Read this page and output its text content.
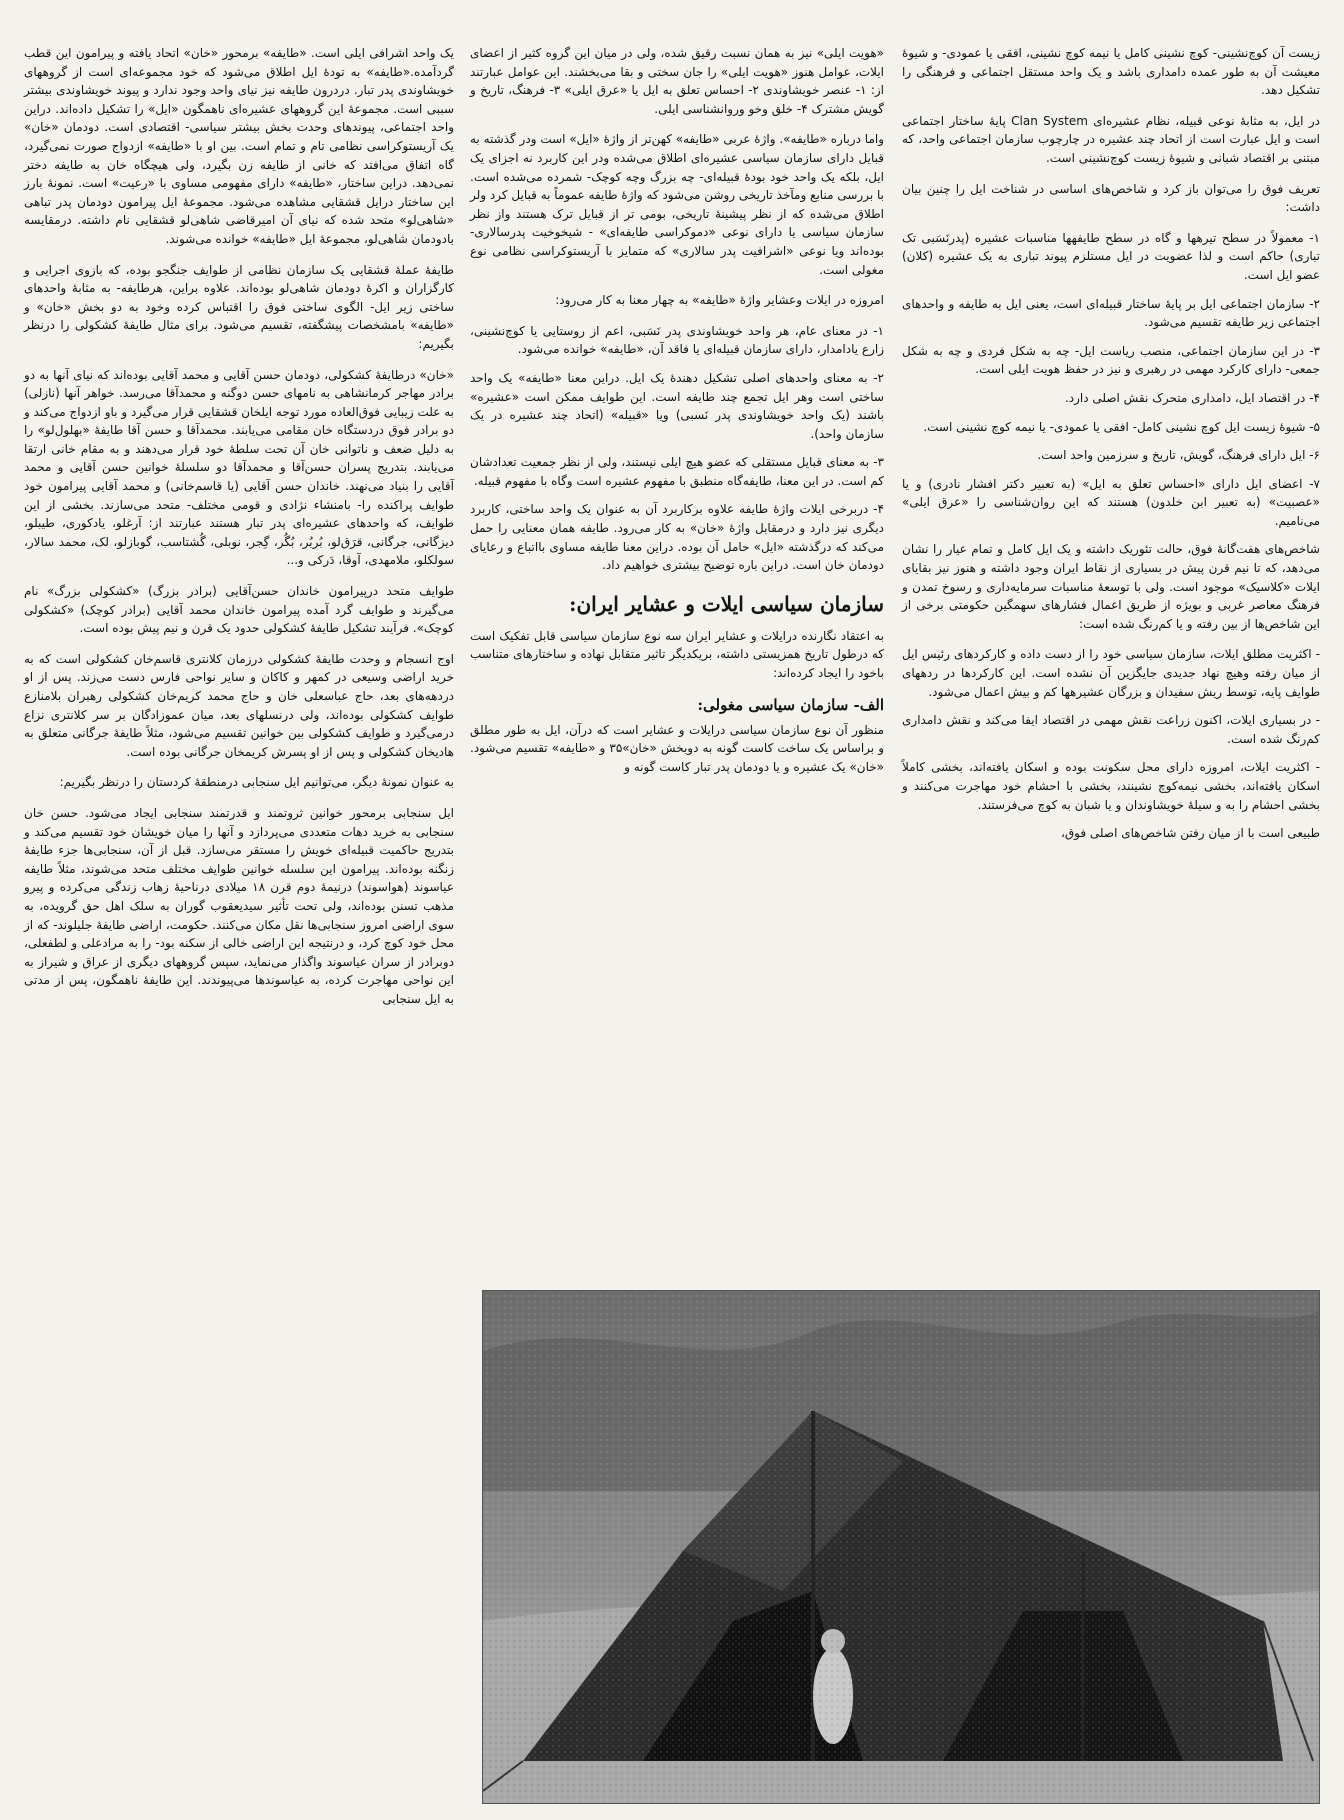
زیست آن کوچ‌نشینی- کوچ نشینی کامل یا نیمه کوچ نشینی، افقی یا عمودی- و شیوهٔ معیشت آن به طور عمده دامداری باشد و یک واحد مستقل اجتماعی و فرهنگی را تشکیل دهد.

در ایل، به مثابهٔ نوعی قبیله، نظام عشیره‌ای Clan System پایهٔ ساختار اجتماعی است و ایل عبارت است از اتحاد چند عشیره در چارچوب سازمان اجتماعی واحد، که مبتنی بر اقتصاد شبانی و شیوهٔ زیست کوچ‌نشینی است.

تعریف فوق را می‌توان باز کرد و شاخص‌های اساسی در شناخت ایل را چنین بیان داشت:

۱- معمولاً در سطح تیرهها و گاه در سطح طایفهها مناسبات عشیره (پدرنَسَبی تک تباری) حاکم است و لذا عضویت در ایل مستلزم پیوند تباری به یک عشیره (کلان) عضو ایل است.

۲- سازمان اجتماعی ایل بر پایهٔ ساختار قبیله‌ای است، یعنی ایل به طایفه و واحدهای اجتماعی زیر طایفه تقسیم می‌شود.

۳- در این سازمان اجتماعی، منصب ریاست ایل- چه به شکل فردی و چه به شکل جمعی- دارای کارکرد مهمی در رهبری و نیز در حفظ هویت ایلی است.

۴- در اقتصاد ایل، دامداری متحرک نقش اصلی دارد.

۵- شیوهٔ زیست ایل کوچ نشینی کامل- افقی یا عمودی- یا نیمه کوچ نشینی است.

۶- ایل دارای فرهنگ، گویش، تاریخ و سرزمین واحد است.

۷- اعضای ایل دارای «احساس تعلق به ایل» (به تعبیر دکتر افشار نادری) و یا «عصبیت» (به تعبیر ابن خلدون) هستند که این روان‌شناسی را «عرق ایلی» می‌نامیم.

شاخص‌های هفت‌گانهٔ فوق، حالت تئوریک داشته و یک ایل کامل و تمام عیار را نشان می‌دهد، که تا نیم قرن پیش در بسیاری از نقاط ایران وجود داشته و هنوز نیز بقایای ایلات «کلاسیک» موجود است. ولی با توسعهٔ مناسبات سرمایه‌داری و رسوخ تمدن و فرهنگ معاصر غربی و بویژه از طریق اعمال فشارهای سهمگین حکومتی برخی از این شاخص‌ها از بین رفته و یا کم‌رنگ شده است:

- اکثریت مطلق ایلات، سازمان سیاسی خود را از دست داده و کارکردهای رئیس ایل از میان رفته وهیچ نهاد جدیدی جایگزین آن نشده است. این کارکردها در ردههای طوایف پایه، توسط ریش سفیدان و بزرگان عشیرهها کم و بیش اعمال می‌شود.

- در بسیاری ایلات، اکنون زراعت نقش مهمی در اقتصاد ایفا می‌کند و نقش دامداری کم‌رنگ شده است.

- اکثریت ایلات، امروزه دارای محل سکونت بوده و اسکان یافته‌اند، بخشی کاملاً اسکان یافته‌اند، بخشی نیمه‌کوچ نشینند، بخشی با احشام خود مهاجرت می‌کنند و بخشی احشام را به و سیلهٔ خویشاوندان و یا شبان به کوچ می‌فرستند.

طبیعی است با از میان رفتن شاخص‌های اصلی فوق،

«هویت ایلی» نیز به همان نسبت رقیق شده، ولی در میان این گروه کثیر از اعضای ایلات، عوامل هنوز «هویت ایلی» را جان سختی و بقا می‌بخشند. این عوامل عبارتند از: ۱- عنصر خویشاوندی ۲- احساس تعلق به ایل یا «عرق ایلی» ۳- فرهنگ، تاریخ و گویش مشترک ۴- خلق وخو وروانشناسی ایلی.

واما درباره «طایفه». واژهٔ عربی «طایفه» کهن‌تر از واژهٔ «ایل» است ودر گذشته به قبایل دارای سازمان سیاسی عشیره‌ای اطلاق می‌شده ودر این کاربرد نه اجزای یک ایل، بلکه یک واحد خود بودهٔ قبیله‌ای- چه بزرگ وچه کوچک- شمرده می‌شده است. با بررسی منابع ومآخذ تاریخی روشن می‌شود که واژهٔ طایفه عموماً به قبایل کرد ولر اطلاق می‌شده که از نظر پیشینهٔ تاریخی، بومی تر از قبایل ترک هستند واز نظر سازمان سیاسی یا دارای نوعی «دموکراسی طایفه‌ای» - شیخوخیت پدرسالاری- بوده‌اند ویا نوعی «اشرافیت پدر سالاری» که متمایز با آریستوکراسی نظامی نوع مغولی است.

امروزه در ایلات وعشایر واژهٔ «طایفه» به چهار معنا به کار می‌رود:

۱- در معنای عام، هر واحد خویشاوندی پدر نَسَبی، اعم از روستایی یا کوچ‌نشینی، زارع یادامدار، دارای سازمان قبیله‌ای یا فاقد آن، «طایفه» خوانده می‌شود.

۲- به معنای واحدهای اصلی تشکیل دهندهٔ یک ایل. دراین معنا «طایفه» یک واحد ساختی است وهر ایل تجمع چند طایفه است. این طوایف ممکن است «عشیره» باشند (یک واحد خویشاوندی پدر نَسبی) ویا «قبیله» (اتحاد چند عشیره در یک سازمان واحد).

۳- به معنای قبایل مستقلی که عضو هیچ ایلی نیستند، ولی از نظر جمعیت تعدادشان کم است. در این معنا، طایفه‌گاه منطبق با مفهوم عشیره است وگاه با مفهوم قبیله.

۴- دربرخی ایلات واژهٔ طایفه علاوه برکاربرد آن به عنوان یک واحد ساختی، کاربرد دیگری نیز دارد و درمقابل واژهٔ «خان» به کار می‌رود. طایفه همان معنایی را حمل می‌کند که درگذشته «ایل» حامل آن بوده. دراین معنا طایفه مساوی بااتباع و رعایای دودمان خان است. دراین باره توضیح بیشتری خواهیم داد.

سازمان سیاسی ایلات و عشایر ایران:

به اعتقاد نگارنده درایلات و عشایر ایران سه نوع سازمان سیاسی قابل تفکیک است که درطول تاریخ همزیستی داشته، بریکدیگر تاثیر متقابل نهاده و ساختارهای متناسب باخود را ایجاد کرده‌اند:

الف- سازمان سیاسی مغولی:

منظور آن نوع سازمان سیاسی درایلات و عشایر است که درآن، ایل به طور مطلق و براساس یک ساخت کاست گونه به دوبخش «خان»۳۵ و «طایفه» تقسیم می‌شود. «خان» یک عشیره و یا دودمان پدر تبار کاست گونه و

یک واحد اشرافی ایلی است. «طایفه» برمحور «خان» اتحاد یافته و پیرامون این قطب گردآمده.«طایفه» به تودهٔ ایل اطلاق می‌شود که خود مجموعه‌ای است از گروههای خویشاوندی پدر تبار. دردرون طایفه نیز نیای واحد وجود ندارد و پیوند خویشاوندی بیشتر سببی است. مجموعهٔ این گروههای عشیره‌ای ناهمگون «ایل» را تشکیل داده‌اند. دراین واحد اجتماعی، پیوندهای وحدت بخش بیشتر سیاسی- اقتصادی است. دودمان «خان» یک آریستوکراسی نظامی تام و تمام است. بین او با «طایفه» ازدواج صورت نمی‌گیرد، گاه اتفاق می‌افتد که خانی از طایفه زن بگیرد، ولی هیچگاه خان به طایفه دختر نمی‌دهد. دراین ساختار، «طایفه» دارای مفهومی مساوی با «رعیت» است. نمونهٔ بارز این ساختار درایل قشقایی مشاهده می‌شود. مجموعهٔ ایل پیرامون دودمان پدر تباهی «شاهی‌لو» متحد شده که نیای آن امیرقاضی شاهی‌لو قشقایی نام داشته. درمقایسه بادودمان شاهی‌لو، مجموعهٔ ایل «طایفه» خوانده می‌شوند.

طایفهٔ عملهٔ قشقایی یک سازمان نظامی از طوایف جنگجو بوده، که بازوی اجرایی و کارگزاران و اکرهٔ دودمان شاهی‌لو بوده‌اند. علاوه براین، هرطایفه- به مثابهٔ واحدهای ساختی زیر ایل- الگوی ساختی فوق را اقتباس کرده وخود به دو بخش «خان» و «طایفه» بامشخصات پیشگفته، تقسیم می‌شود. برای مثال طایفهٔ کشکولی را درنظر بگیریم:

«خان» درطایفهٔ کشکولی، دودمان حسن آقایی و محمد آقایی بوده‌اند که نیای آنها به دو برادر مهاجر کرمانشاهی به نامهای حسن دوگنه و محمدآقا می‌رسد. خواهر آنها (نازلی) به علت زیبایی فوق‌العاده مورد توجه ایلخان قشقایی قرار می‌گیرد و باو ازدواج می‌کند و دو برادر فوق دردستگاه خان مقامی می‌یابند. محمدآقا و حسن آقا طایفهٔ «بهلول‌لو» را به دلیل ضعف و ناتوانی خان آن تحت سلطهٔ خود قرار می‌دهند و به مقام خانی ارتقا می‌یابند. بتدریج پسران حسن‌آقا و محمدآقا دو سلسلهٔ خوانین حسن آقایی و محمد آقایی را بنیاد می‌نهند. خاندان حسن آقایی (یا قاسم‌خانی) و محمد آقایی پیرامون خود طوایف پراکنده را- بامنشاء نژادی و قومی مختلف- متحد می‌سازند. بخشی از این طوایف، که واحدهای عشیره‌ای پدر تبار هستند عبارتند از: آرغلو، یادکوری، طیبلو، دیزگانی، جرگانی، قرَق‌لو، بُربُر، بُگُر، گِجر، نوبلی، گُشتاسب، گوبازلو، لک، محمد سالار، سولکلو، ملامهدی، آوقا، دَرکی و...

طوایف متحد درپیرامون خاندان حسن‌آقایی (برادر بزرگ) «کشکولی بزرگ» نام می‌گیرند و طوایف گرد آمده پیرامون خاندان محمد آقایی (برادر کوچک) «کشکولی کوچک». فرآیند تشکیل طایفهٔ کشکولی حدود یک قرن و نیم پیش بوده است.

اوج انسجام و وحدت طایفهٔ کشکولی درزمان کلانتری قاسم‌خان کشکولی است که به خرید اراضی وسیعی در کمهر و کاکان و سایر نواحی فارس دست می‌زند. پس از او دردهه‌های بعد، حاج عباسعلی خان و حاج محمد کریم‌خان کشکولی رهبران بلامنازع طوایف کشکولی بوده‌اند، ولی درنسلهای بعد، میان عموزادگان بر سر کلانتری نزاع درمی‌گیرد و طوایف کشکولی بین خوانین تقسیم می‌شود، مثلاً طایفهٔ جرگانی متعلق به هادیخان کشکولی و پس از او پسرش کریمخان جرگانی بوده است.

به عنوان نمونهٔ دیگر، می‌توانیم ایل سنجابی درمنطقهٔ کردستان را درنظر بگیریم:

ایل سنجابی برمحور خوانین ثروتمند و قدرتمند سنجابی ایجاد می‌شود. حسن خان سنجابی به خرید دهات متعددی می‌پردازد و آنها را میان خویشان خود تقسیم می‌کند و بتدریج حاکمیت قبیله‌ای خویش را مستقر می‌سازد. قبل از آن، سنجابی‌ها جزء طایفهٔ زنگنه بوده‌اند. پیرامون این سلسله خوانین طوایف مختلف متحد می‌شوند، مثلاً طایفه عیاسوند (هواسوند) درنیمهٔ دوم قرن ۱۸ میلادی درناحیهٔ زهاب زندگی می‌کرده و پیرو مذهب تسنن بوده‌اند، ولی تحت تأثیر سیدیعقوب گوران به سلک اهل حق گرویده، به سوی اراضی امروز سنجابی‌ها نقل مکان می‌کنند. حکومت، اراضی طایفهٔ جلیلوند- که از محل خود کوچ کرد، و درنتیجه این اراضی خالی از سکنه بود- را به مرادعلی و لطفعلی، دوبرادر از سران عیاسوند واگذار می‌نماید، سپس گروههای دیگری از عراق و شیراز به این نواحی مهاجرت کرده، به عیاسوندها می‌پیوندند. این طایفهٔ ناهمگون، پس از مدتی به ایل سنجابی
